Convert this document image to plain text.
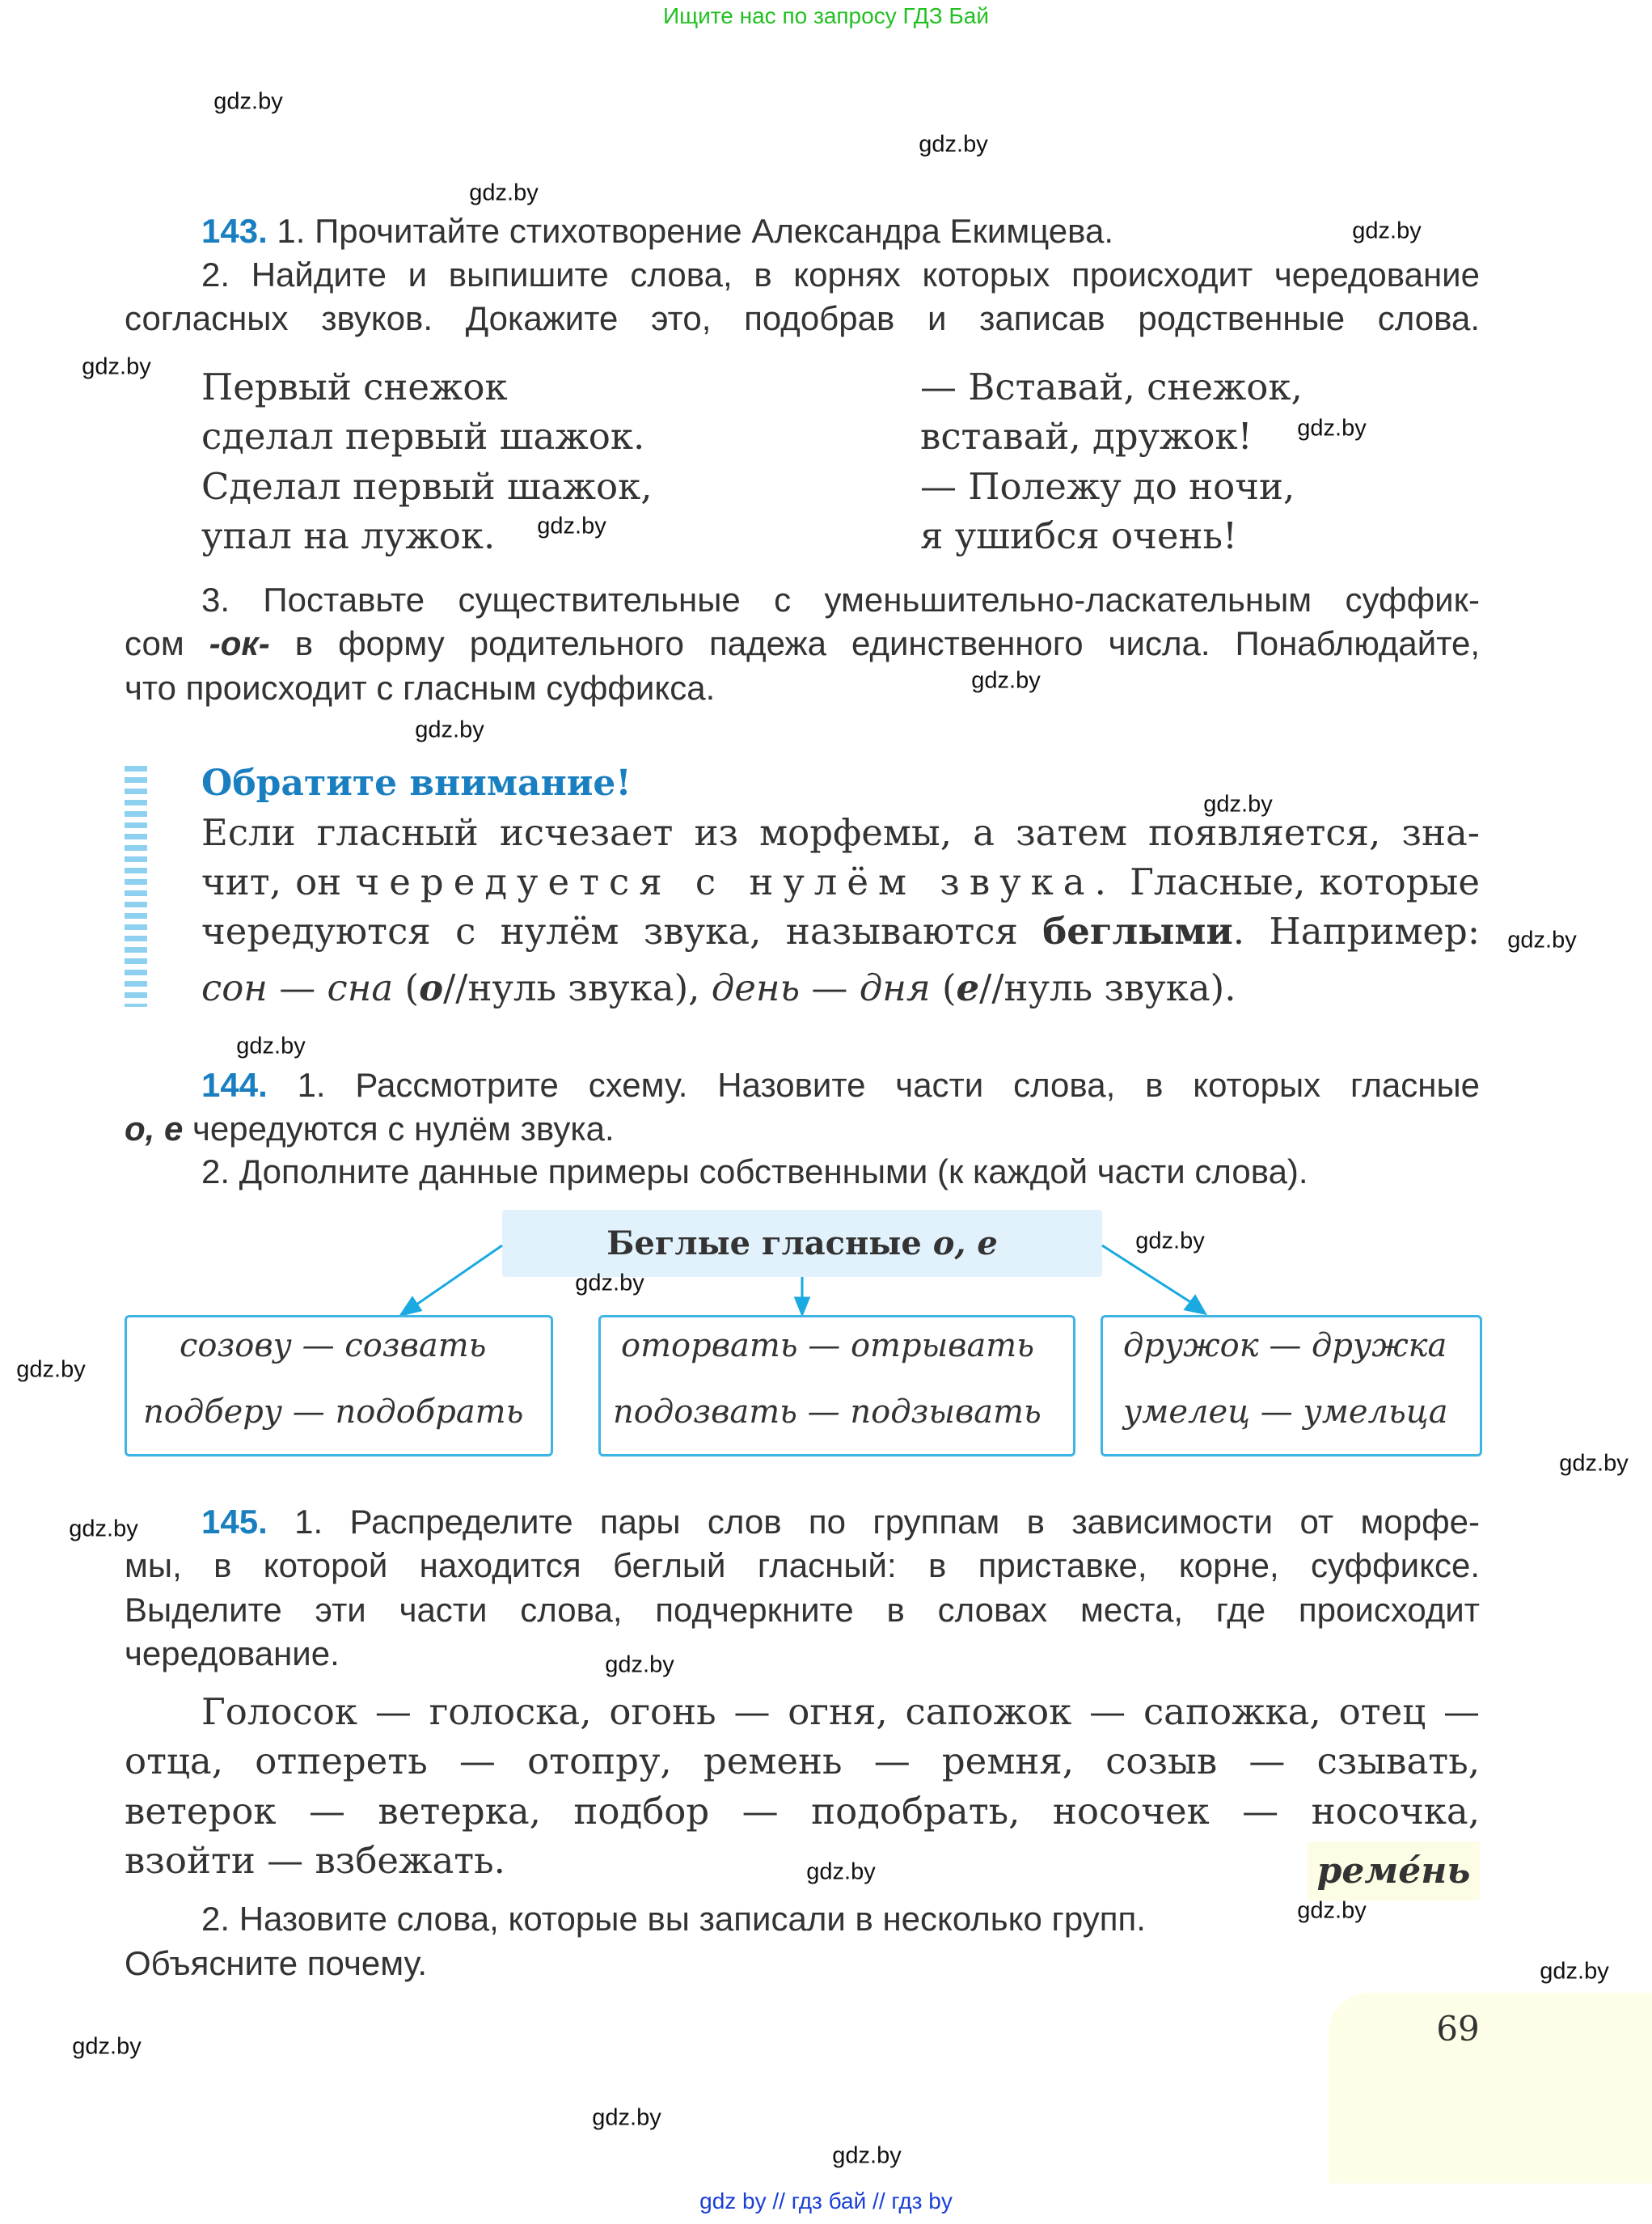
Ищите нас по запросу ГДЗ Бай
143. 1. Прочитайте стихотворение Александра Екимцева.
2. Найдите и выпишите слова, в корнях которых происходит чередование
согласных звуков. Докажите это, подобрав и записав родственные слова.
Первый снежок
сделал первый шажок.
Сделал первый шажок,
упал на лужок.
— Вставай, снежок,
вставай, дружок!
— Полежу до ночи,
я ушибся очень!
3. Поставьте существительные с уменьшительно-ласкательным суффик-
сом -ок- в форму родительного падежа единственного числа. Понаблюдайте,
что происходит с гласным суффикса.
Обратите внимание!
Если гласный исчезает из морфемы, а затем появляется, зна-
чит, он чередуется с нулём звука. Гласные, которые
чередуются с нулём звука, называются беглыми. Например:
сон — сна (о//нуль звука), день — дня (е//нуль звука).
144. 1. Рассмотрите схему. Назовите части слова, в которых гласные
о, е чередуются с нулём звука.
2. Дополните данные примеры собственными (к каждой части слова).
Беглые гласные о, е
созову — созвать
подберу — подобрать
оторвать — отрывать
подозвать — подзывать
дружок — дружка
умелец — умельца
145. 1. Распределите пары слов по группам в зависимости от морфе-
мы, в которой находится беглый гласный: в приставке, корне, суффиксе.
Выделите эти части слова, подчеркните в словах места, где происходит
чередование.
Голосок — голоска, огонь — огня, сапожок — сапожка, отец —
отца, отпереть — отопру, ремень — ремня, созыв — сзывать,
ветерок — ветерка, подбор — подобрать, носочек — носочка,
взойти — взбежать.	реме́нь
2. Назовите слова, которые вы записали в несколько групп.
Объясните почему.
69
gdz.by
gdz.by
gdz.by
gdz.by
gdz.by
gdz.by
gdz.by
gdz.by
gdz.by
gdz.by
gdz.by
gdz.by
gdz.by
gdz.by
gdz.by
gdz.by
gdz.by
gdz.by
gdz.by
gdz.by
gdz.by
gdz.by
gdz.by
gdz.by
gdz by // гдз бай // гдз by
